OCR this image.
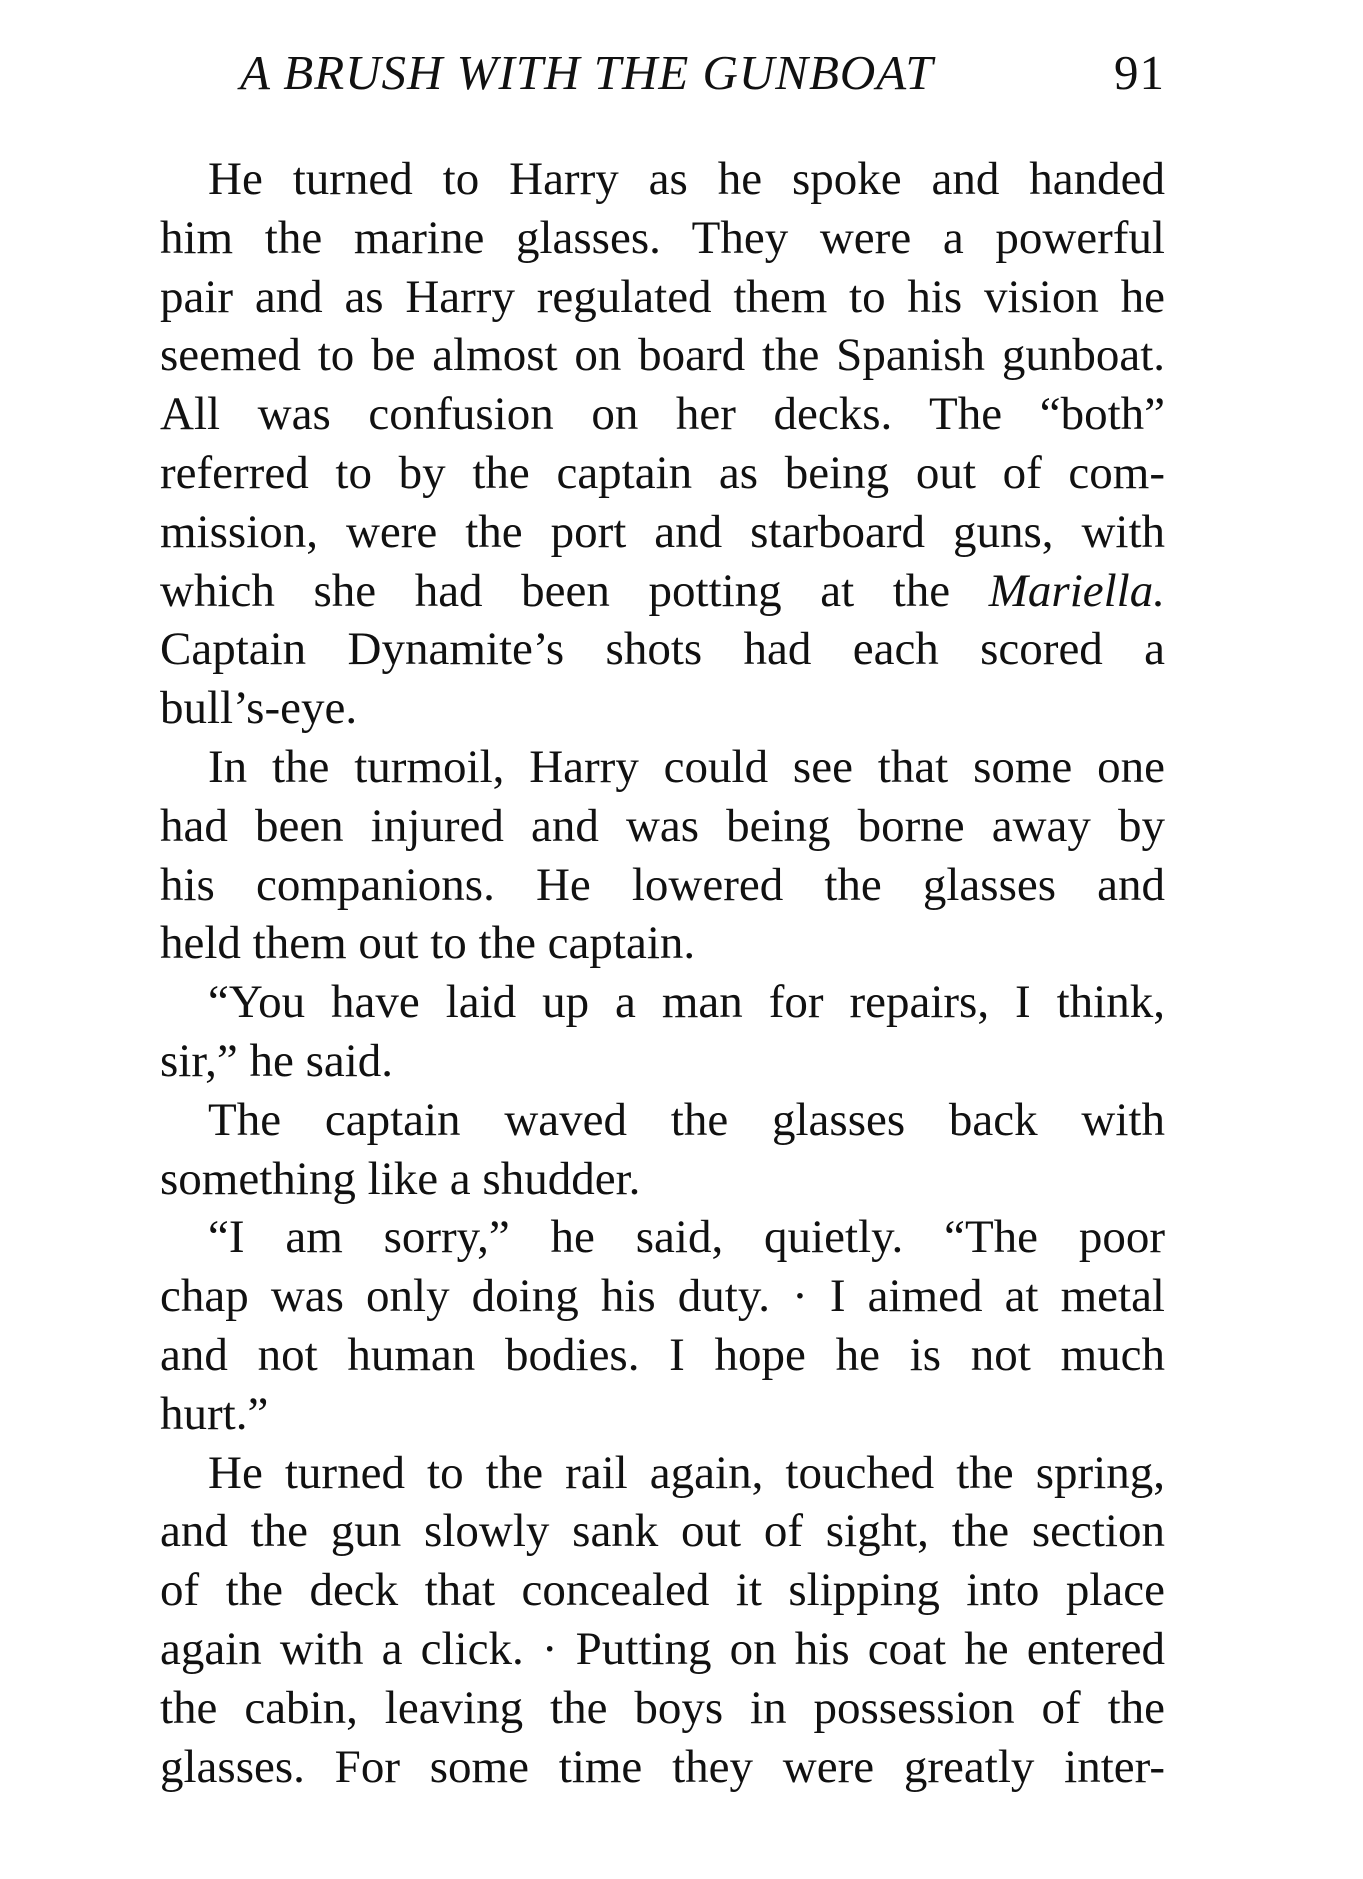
A BRUSH WITH THE GUNBOAT	91
He turned to Harry as he spoke and handed
him the marine glasses. They were a powerful
pair and as Harry regulated them to his vision he
seemed to be almost on board the Spanish gunboat.
All was confusion on her decks. The “both”
referred to by the captain as being out of com-
mission, were the port and starboard guns, with
which she had been potting at the Mariella.
Captain Dynamite’s shots had each scored a
bull’s-eye.
In the turmoil, Harry could see that some one
had been injured and was being borne away by
his companions. He lowered the glasses and
held them out to the captain.
“You have laid up a man for repairs, I think,
sir,” he said.
The captain waved the glasses back with
something like a shudder.
“I am sorry,” he said, quietly. “The poor
chap was only doing his duty. · I aimed at metal
and not human bodies. I hope he is not much
hurt.”
He turned to the rail again, touched the spring,
and the gun slowly sank out of sight, the section
of the deck that concealed it slipping into place
again with a click. · Putting on his coat he entered
the cabin, leaving the boys in possession of the
glasses. For some time they were greatly inter-
